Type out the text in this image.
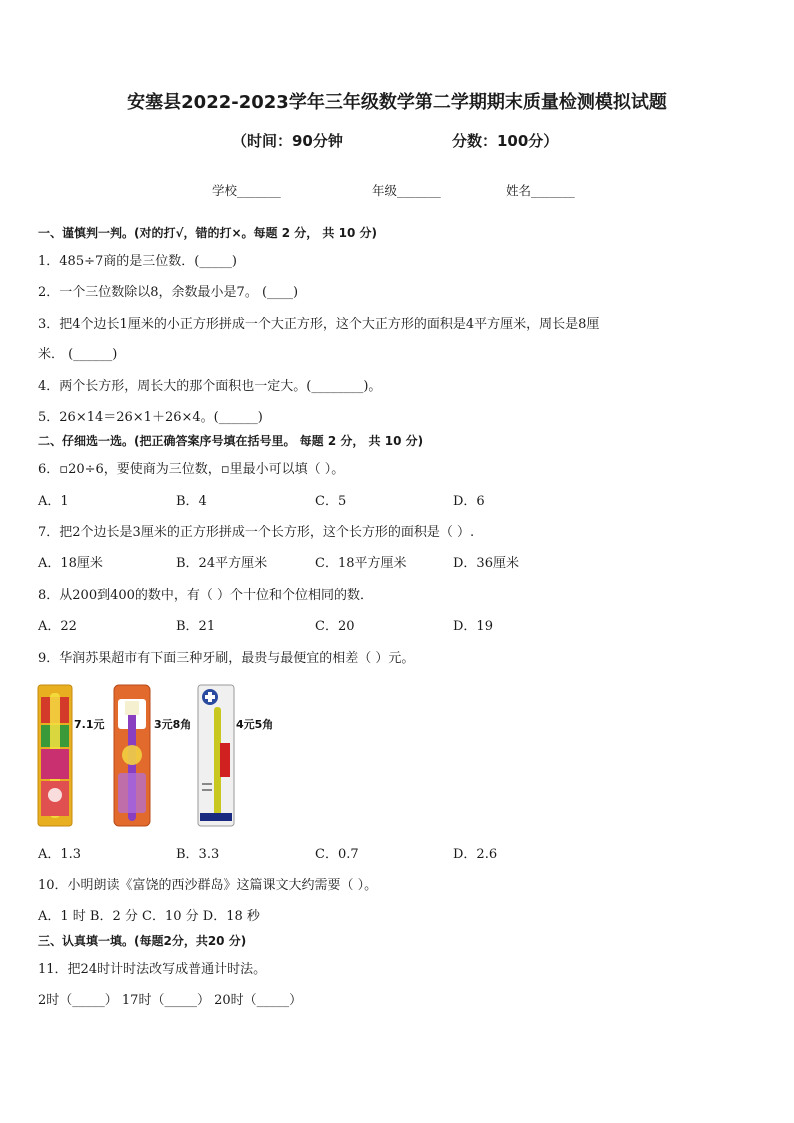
安塞县2022-2023学年三年级数学第二学期期末质量检测模拟试题
（时间：90分钟	分数：100分）
学校_______	年级_______	姓名_______
一、谨慎判一判。(对的打√，错的打×。每题 2 分， 共 10 分)
1．485÷7商的是三位数．(_____)
2．一个三位数除以8，余数最小是7。 (____)
3．把4个边长1厘米的小正方形拼成一个大正方形，这个大正方形的面积是4平方厘米，周长是8厘
米． (______)
4．两个长方形，周长大的那个面积也一定大。(________)。
5．26×14＝26×1＋26×4。(______)
二、仔细选一选。(把正确答案序号填在括号里。 每题 2 分， 共 10 分)
6．▫20÷6，要使商为三位数，▫里最小可以填（ ）。
A．1	B．4	C．5	D．6
7．把2个边长是3厘米的正方形拼成一个长方形，这个长方形的面积是（ ）.
A．18厘米	B．24平方厘米	C．18平方厘米	D．36厘米
8．从200到400的数中，有（ ）个十位和个位相同的数．
A．22	B．21	C．20	D．19
9．华润苏果超市有下面三种牙刷，最贵与最便宜的相差（ ）元。
7.1元	3元8角	4元5角
A．1.3	B．3.3	C．0.7	D．2.6
10．小明朗读《富饶的西沙群岛》这篇课文大约需要（ ）。
A．1 时 B．2 分 C．10 分 D．18 秒
三、认真填一填。(每题2分，共20 分)
11．把24时计时法改写成普通计时法。
2时（_____） 17时（_____） 20时（_____）
